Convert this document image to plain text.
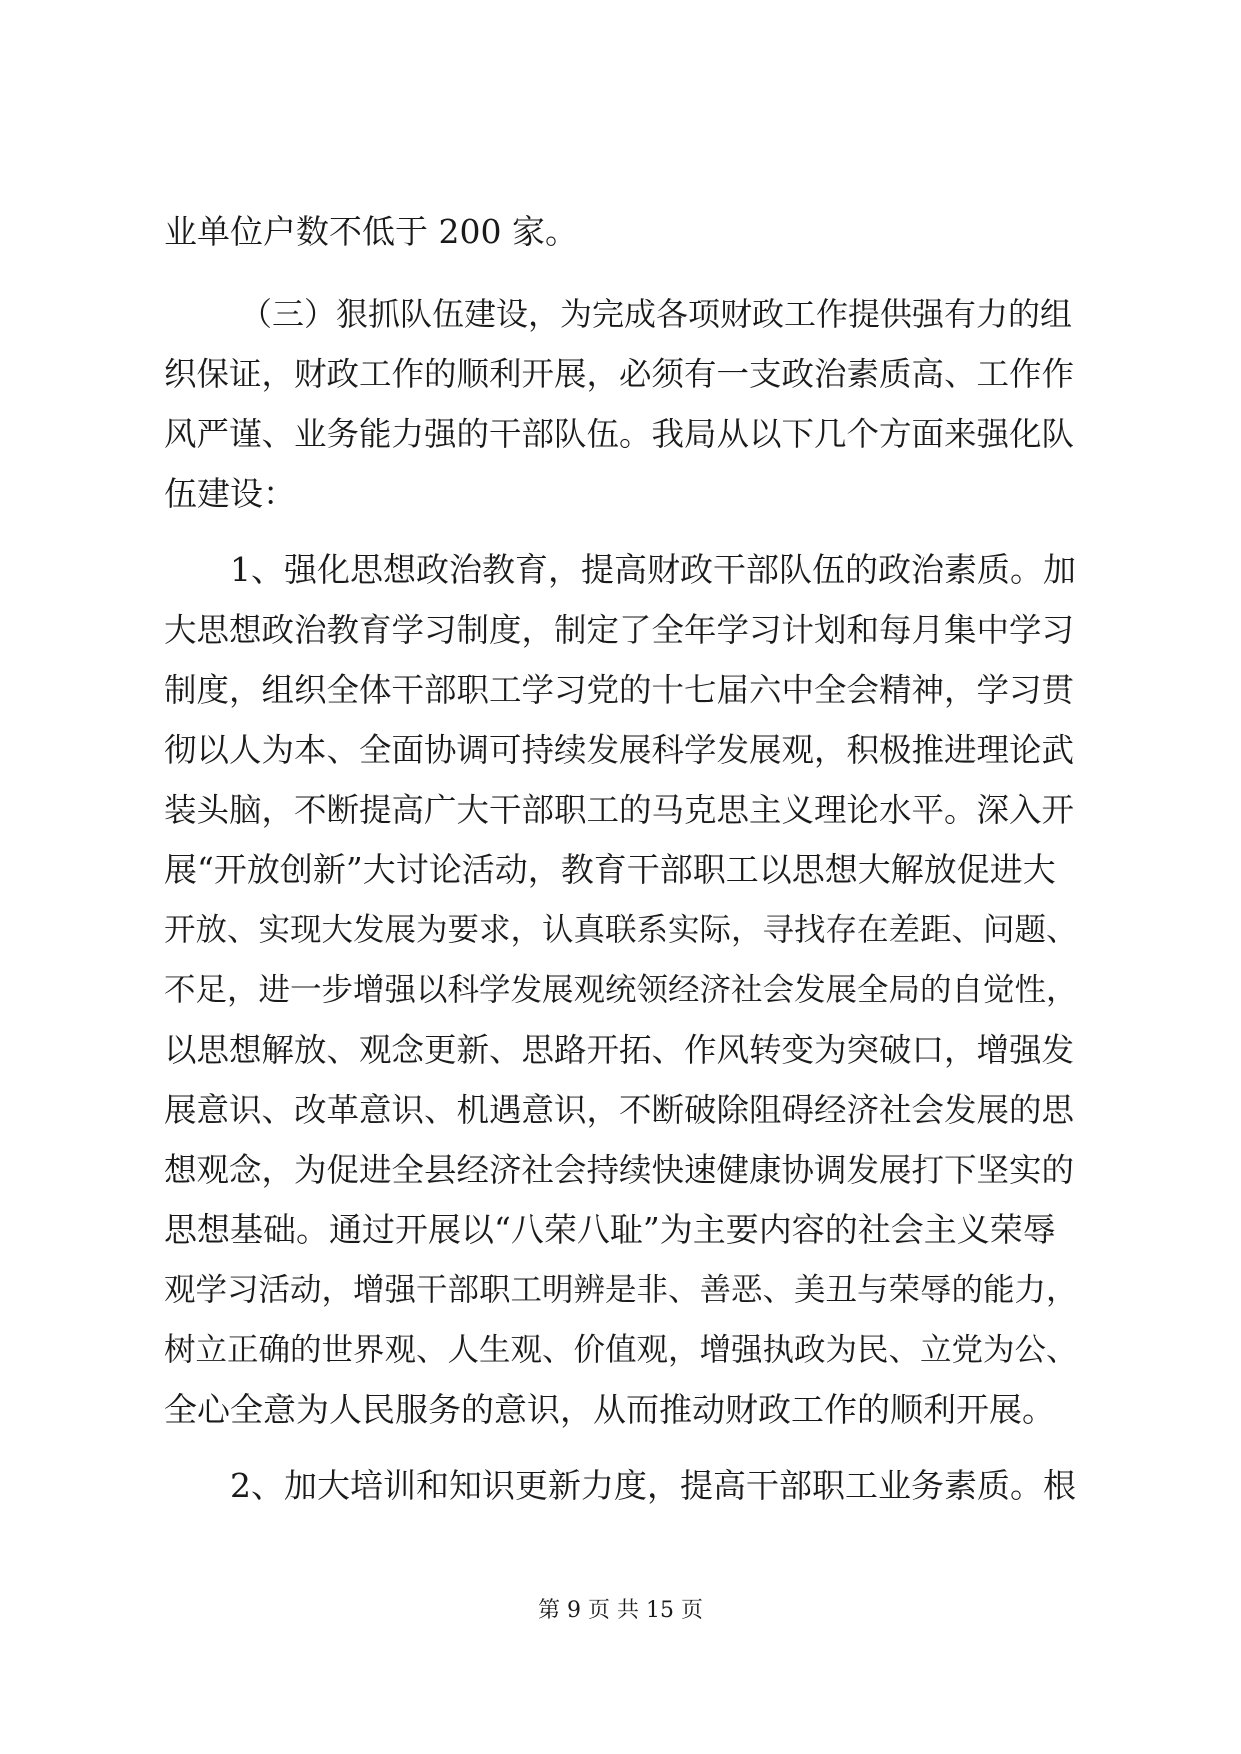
业单位户数不低于 200 家。
（三）狠抓队伍建设，为完成各项财政工作提供强有力的组
织保证，财政工作的顺利开展，必须有一支政治素质高、工作作
风严谨、业务能力强的干部队伍。我局从以下几个方面来强化队
伍建设：
1、强化思想政治教育，提高财政干部队伍的政治素质。加
大思想政治教育学习制度，制定了全年学习计划和每月集中学习
制度，组织全体干部职工学习党的十七届六中全会精神，学习贯
彻以人为本、全面协调可持续发展科学发展观，积极推进理论武
装头脑，不断提高广大干部职工的马克思主义理论水平。深入开
展“开放创新”大讨论活动，教育干部职工以思想大解放促进大
开放、实现大发展为要求，认真联系实际，寻找存在差距、问题、
不足，进一步增强以科学发展观统领经济社会发展全局的自觉性，
以思想解放、观念更新、思路开拓、作风转变为突破口，增强发
展意识、改革意识、机遇意识，不断破除阻碍经济社会发展的思
想观念，为促进全县经济社会持续快速健康协调发展打下坚实的
思想基础。通过开展以“八荣八耻”为主要内容的社会主义荣辱
观学习活动，增强干部职工明辨是非、善恶、美丑与荣辱的能力，
树立正确的世界观、人生观、价值观，增强执政为民、立党为公、
全心全意为人民服务的意识，从而推动财政工作的顺利开展。
2、加大培训和知识更新力度，提高干部职工业务素质。根
第 9 页 共 15 页
